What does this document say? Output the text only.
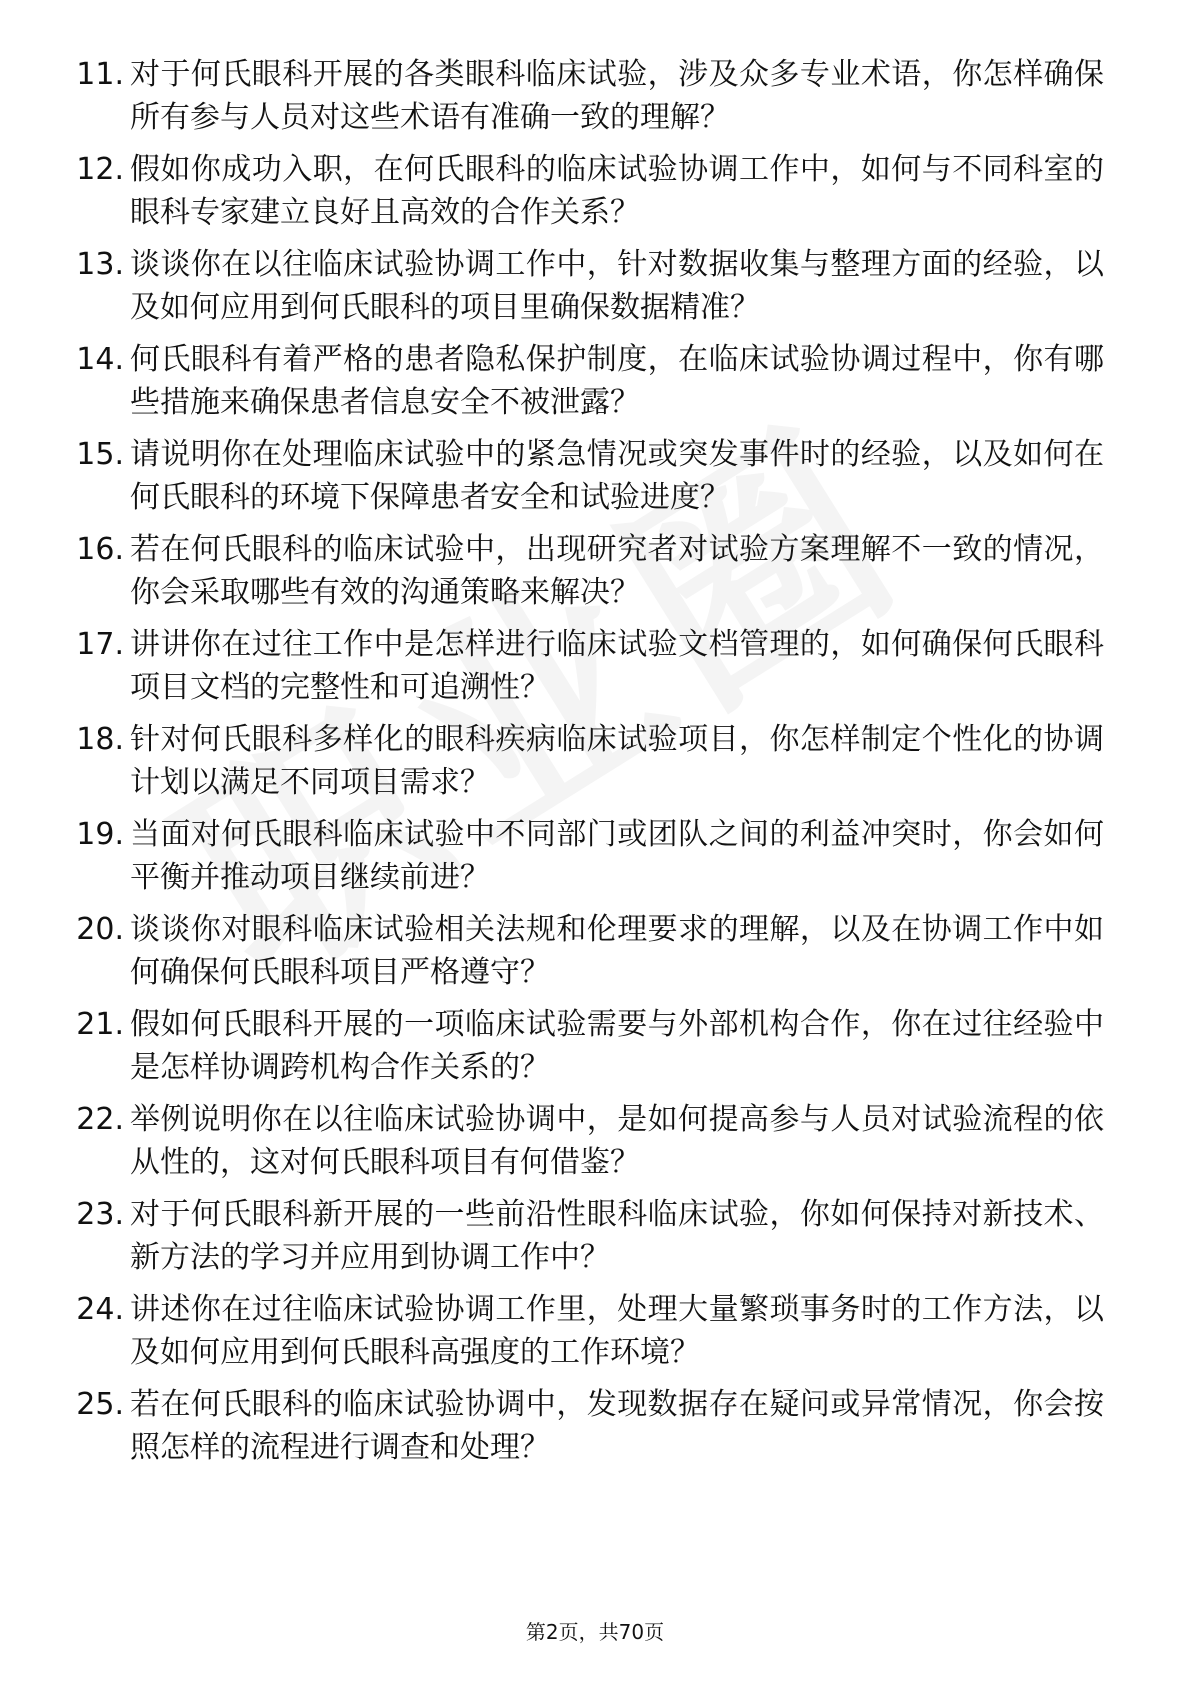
11. 对于何氏眼科开展的各类眼科临床试验，涉及众多专业术语，你怎样确保所有参与人员对这些术语有准确一致的理解？
12. 假如你成功入职，在何氏眼科的临床试验协调工作中，如何与不同科室的眼科专家建立良好且高效的合作关系？
13. 谈谈你在以往临床试验协调工作中，针对数据收集与整理方面的经验，以及如何应用到何氏眼科的项目里确保数据精准？
14. 何氏眼科有着严格的患者隐私保护制度，在临床试验协调过程中，你有哪些措施来确保患者信息安全不被泄露？
15. 请说明你在处理临床试验中的紧急情况或突发事件时的经验，以及如何在何氏眼科的环境下保障患者安全和试验进度？
16. 若在何氏眼科的临床试验中，出现研究者对试验方案理解不一致的情况，你会采取哪些有效的沟通策略来解决？
17. 讲讲你在过往工作中是怎样进行临床试验文档管理的，如何确保何氏眼科项目文档的完整性和可追溯性？
18. 针对何氏眼科多样化的眼科疾病临床试验项目，你怎样制定个性化的协调计划以满足不同项目需求？
19. 当面对何氏眼科临床试验中不同部门或团队之间的利益冲突时，你会如何平衡并推动项目继续前进？
20. 谈谈你对眼科临床试验相关法规和伦理要求的理解，以及在协调工作中如何确保何氏眼科项目严格遵守？
21. 假如何氏眼科开展的一项临床试验需要与外部机构合作，你在过往经验中是怎样协调跨机构合作关系的？
22. 举例说明你在以往临床试验协调中，是如何提高参与人员对试验流程的依从性的，这对何氏眼科项目有何借鉴？
23. 对于何氏眼科新开展的一些前沿性眼科临床试验，你如何保持对新技术、新方法的学习并应用到协调工作中？
24. 讲述你在过往临床试验协调工作里，处理大量繁琐事务时的工作方法，以及如何应用到何氏眼科高强度的工作环境？
25. 若在何氏眼科的临床试验协调中，发现数据存在疑问或异常情况，你会按照怎样的流程进行调查和处理？
第2页，共70页
